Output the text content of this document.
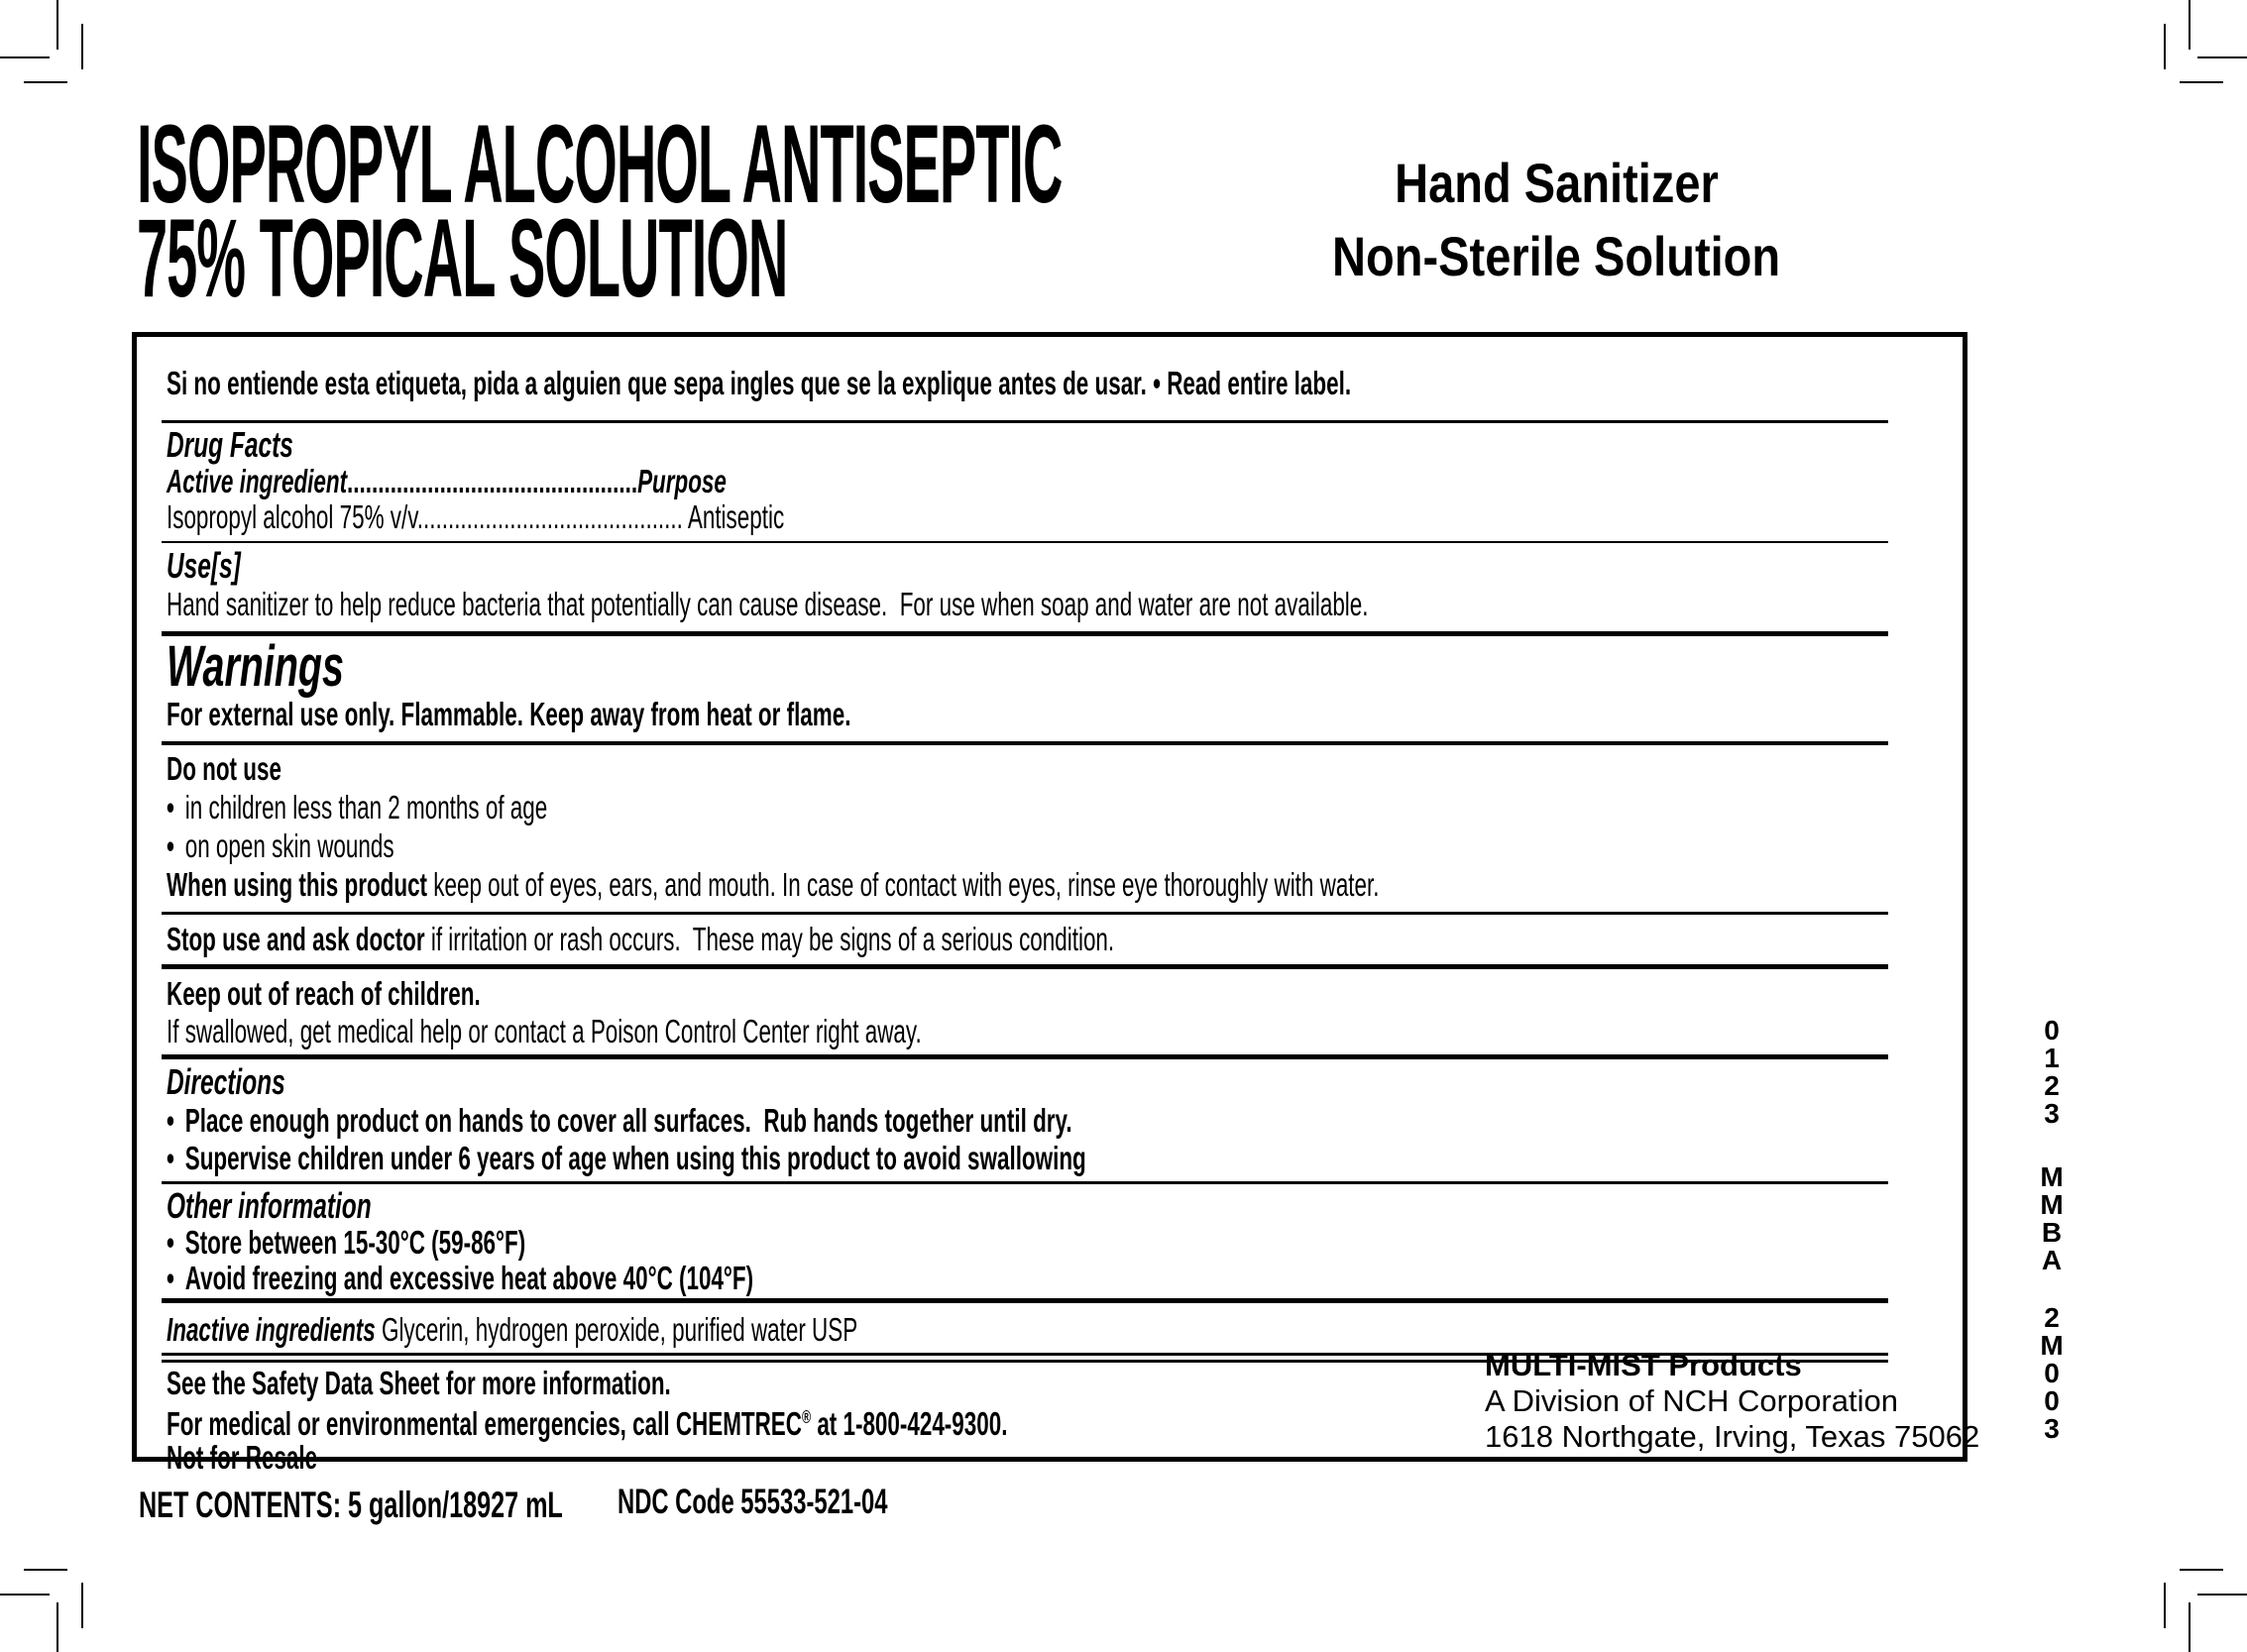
ISOPROPYL ALCOHOL ANTISEPTIC
75% TOPICAL SOLUTION
Hand Sanitizer
Non-Sterile Solution
Si no entiende esta etiqueta, pida a alguien que sepa ingles que se la explique antes de usar. • Read entire label.
Drug Facts
Active ingredient...............................................Purpose
Isopropyl alcohol 75% v/v........................................... Antiseptic
Use[s]
Hand sanitizer to help reduce bacteria that potentially can cause disease.  For use when soap and water are not available.
Warnings
For external use only. Flammable. Keep away from heat or flame.
Do not use
• in children less than 2 months of age
• on open skin wounds
When using this product keep out of eyes, ears, and mouth. In case of contact with eyes, rinse eye thoroughly with water.
Stop use and ask doctor if irritation or rash occurs.  These may be signs of a serious condition.
Keep out of reach of children.
If swallowed, get medical help or contact a Poison Control Center right away.
Directions
• Place enough product on hands to cover all surfaces.  Rub hands together until dry.
• Supervise children under 6 years of age when using this product to avoid swallowing
Other information
• Store between 15-30°C (59-86°F)
• Avoid freezing and excessive heat above 40°C (104°F)
Inactive ingredients Glycerin, hydrogen peroxide, purified water USP
See the Safety Data Sheet for more information.
For medical or environmental emergencies, call CHEMTREC® at 1-800-424-9300.
Not for Resale
MULTI-MIST Products
A Division of NCH Corporation
1618 Northgate, Irving, Texas 75062
NET CONTENTS: 5 gallon/18927 mL	NDC Code 55533-521-04
0
1
2
3
M
M
B
A
2
M
0
0
3
